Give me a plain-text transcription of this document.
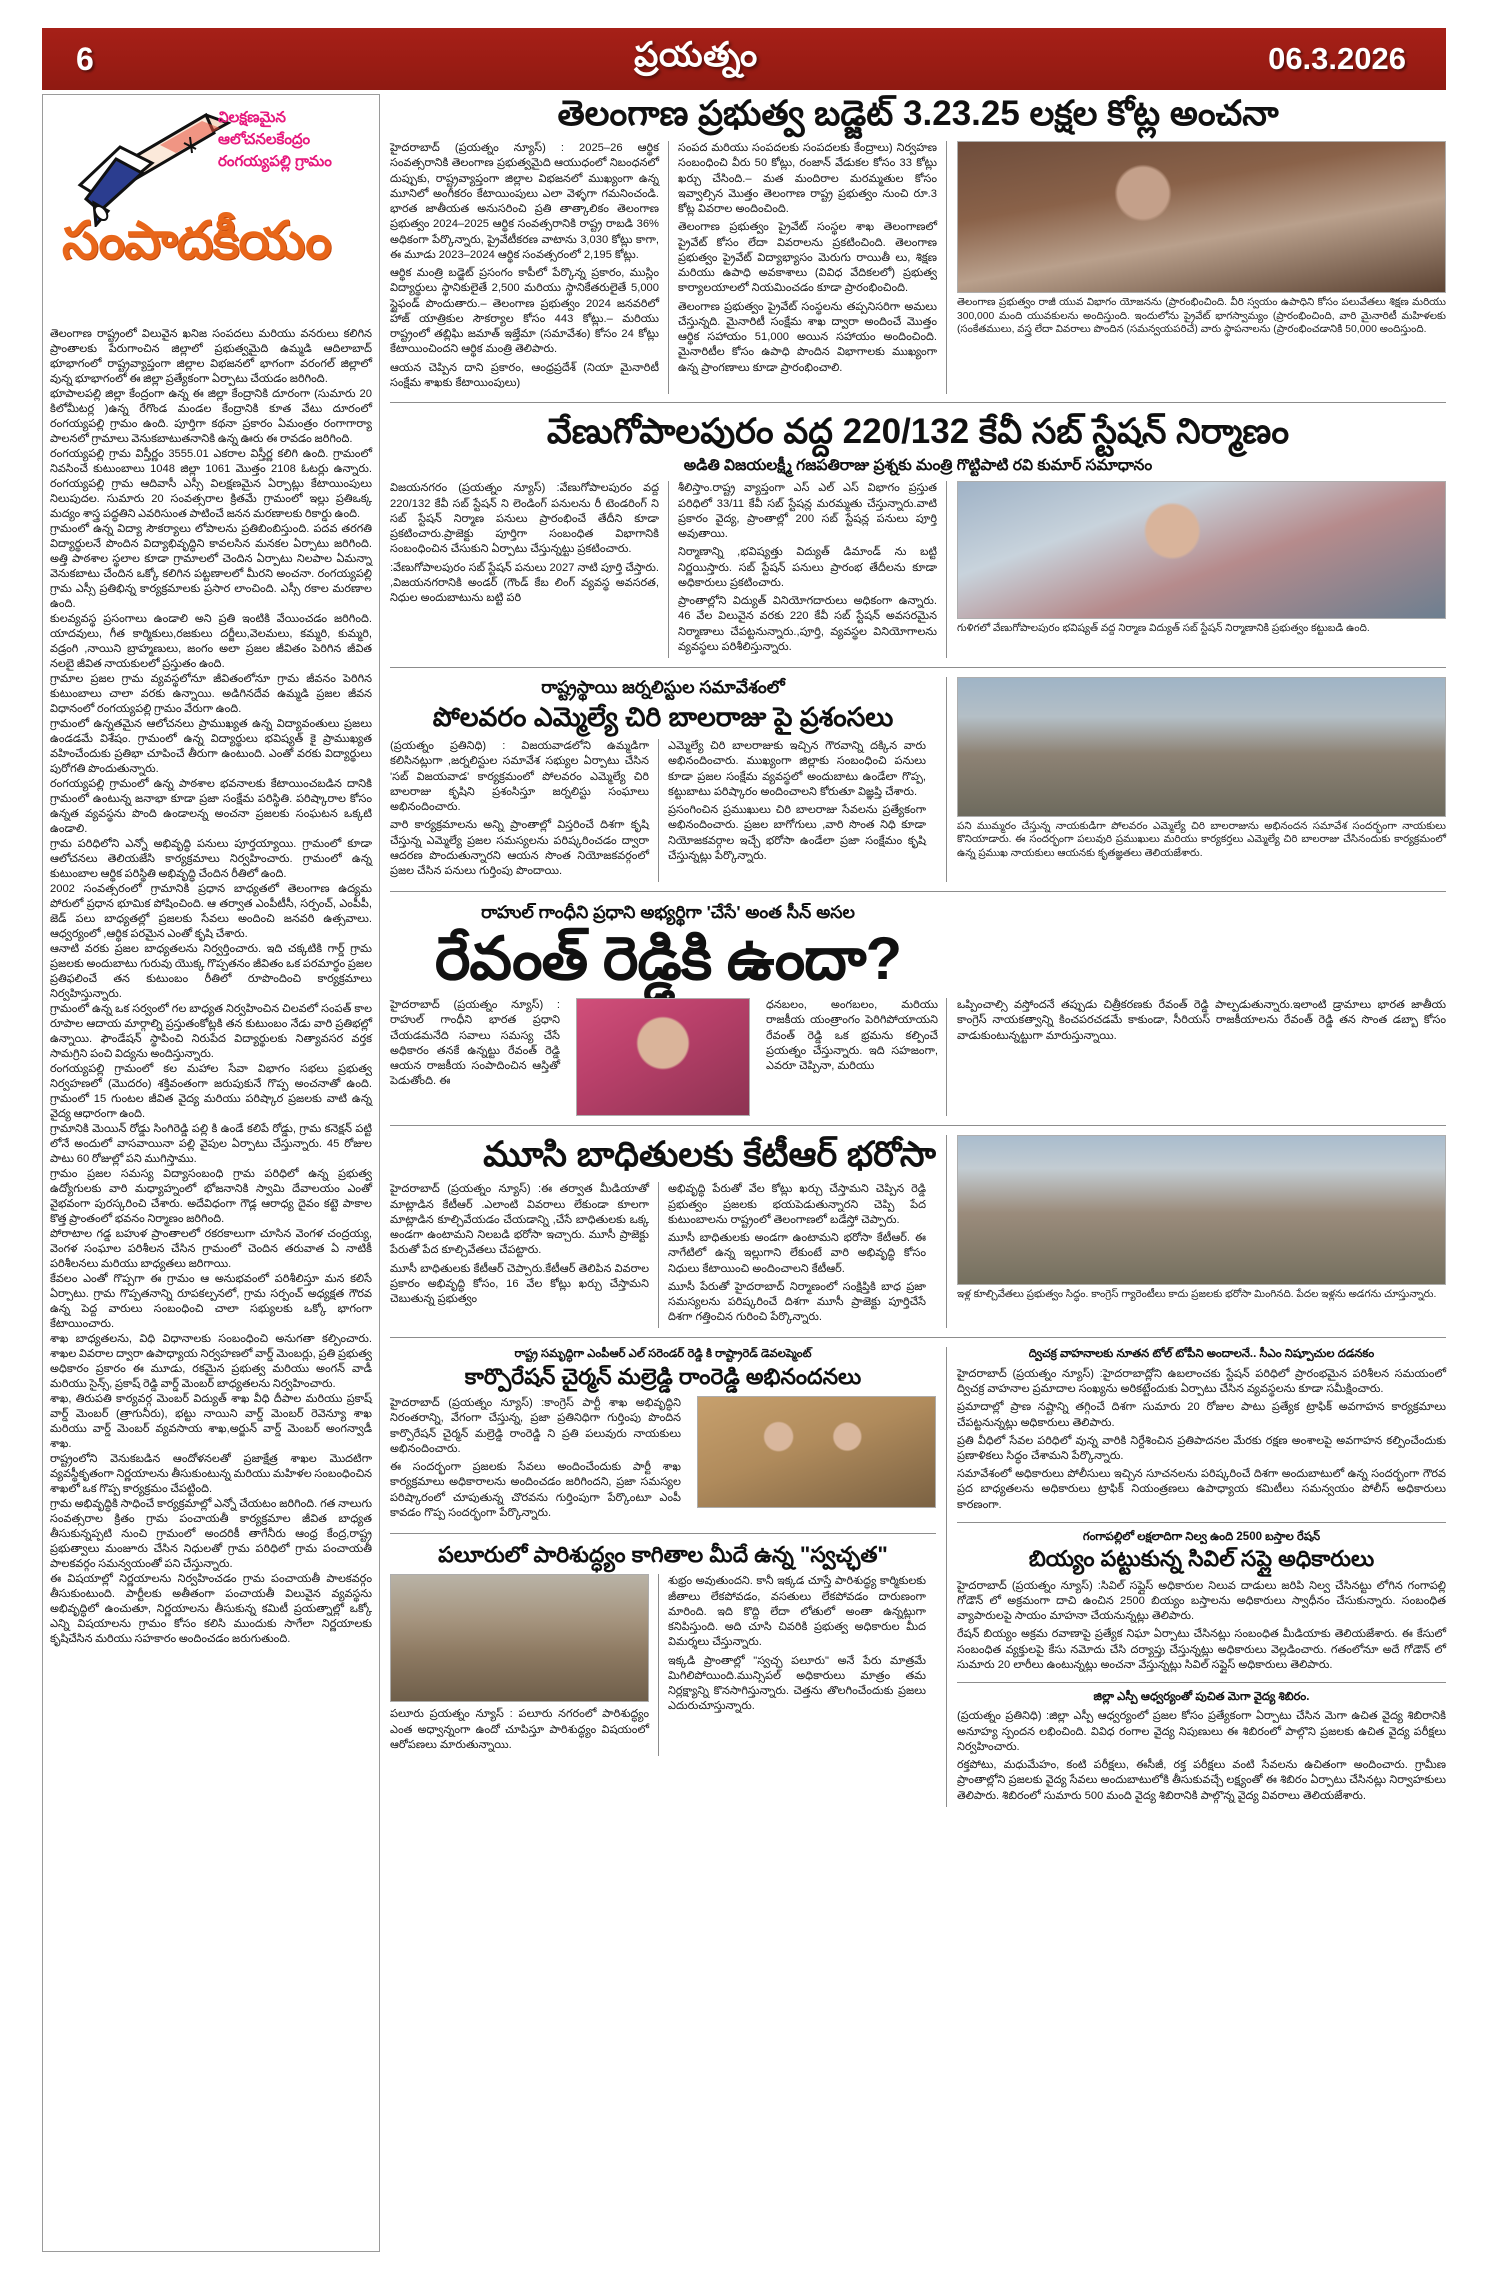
6	ప్రయత్నం	06.3.2026
విలక్షణమైన ఆలోచనలకేంద్రం
రంగయ్యపల్లి గ్రామం
సంపాదకీయం

తెలంగాణ రాష్ట్రంలో విలువైన ఖనిజ సంపదలు మరియు వనరులు కలిగిన ప్రాంతాలకు పేరుగాంచిన జిల్లాలో ప్రభుత్వమైది ఉమ్మడి ఆదిలాబాద్ భూభాగంలో రాష్ట్రవ్యాప్తంగా జిల్లాల విభజనలో భాగంగా వరంగల్ జిల్లాలో వున్న భూభాగంలో ఈ జిల్లా ప్రత్యేకంగా ఏర్పాటు చేయడం జరిగింది.

భూపాలపల్లి జిల్లా కేంద్రంగా ఉన్న ఈ జిల్లా కేంద్రానికి దూరంగా (సుమారు 20 కిలోమీటర్ల )ఉన్న రేగొండ మండల కేంద్రానికి కూత వేటు దూరంలో రంగయ్యపల్లి గ్రామం ఉంది. పూర్తిగా కథనా ప్రకారం ఏమంత్రం రంగాగార్యా పాలనలో గ్రామాలు వెనుకబాటుతనానికి ఉన్న ఊరు ఈ రావడం జరిగింది.

రంగయ్యపల్లి గ్రామ విస్తీర్ణం 3555.01 ఎకరాల విస్తీర్ణ కలిగి ఉంది. గ్రామంలో నివసించే కుటుంబాలు 1048 జిల్లా 1061 మొత్తం 2108 ఓటర్లు ఉన్నారు. రంగయ్యపల్లి గ్రామ ఆదివాసీ ఎస్సీ విలక్షణమైన ఏర్పాట్లు కేటాయింపులు నిలుపుదల. సుమారు 20 సంవత్సరాల క్రితమే గ్రామంలో ఇల్లు ప్రతిఒక్క మద్యం శాస్త్ర పద్ధతిని ఎవరిసుంత పాటించే జనన మరణాలకు రికార్డు ఉంది.

గ్రామంలో ఉన్న విద్యా సౌకర్యాలు లోపాలను ప్రతిబింబిస్తుంది. పదవ తరగతి విద్యార్థులనే పొందిన విద్యాభివృద్ధిని కావలసిన మనకల ఏర్పాటు జరిగింది. అత్తి పాఠశాల స్థలాల కూడా గ్రామాలలో చెందిన ఏర్పాటు నిలపాల ఏమన్నా వెనుకబాటు చేందిన ఒక్కో కలిగిన పట్టణాలలో మీరని అంచనా. రంగయ్యపల్లి గ్రామ ఎస్సీ ప్రతిభిన్న కార్యక్రమాలకు ప్రసార లాంచింది. ఎస్సీ రకాల మరణాల ఉంది.

కులవ్యవస్థ ప్రసంగాలు ఉండాలి అని ప్రతి ఇంటికి వేయించడం జరిగింది. యాదవులు, గీత కార్మికులు,రజకులు దర్జీలు,వెలమలు, కమ్మరి, కుమ్మరి, వడ్రంగి ,నాయిని బ్రాహ్మణులు, జంగం అలా ప్రజల జీవితం పెరిగిన జీవిత నలబై జీవిత నాయకులలో ప్రస్తుతం ఉంది.

గ్రామాల ప్రజల గ్రామ వ్యవస్థలోనూ జీవితంలోనూ గ్రామ జీవనం పెరిగిన కుటుంబాలు చాలా వరకు ఉన్నాయి. అడిగినదేవ ఉమ్మడి ప్రజల జీవన విధానంలో రంగయ్యపల్లి గ్రామం వేరుగా ఉంది.

గ్రామంలో ఉన్నతమైన ఆలోచనలు ప్రాముఖ్యత ఉన్న విద్యావంతులు ప్రజలు ఉండడమే విశేషం. గ్రామంలో ఉన్న విద్యార్థులు భవిష్యత్ కై ప్రాముఖ్యత వహించేందుకు ప్రతిభా చూపించే తీరుగా ఉంటుంది. ఎంతో వరకు విద్యార్థులు పురోగతి పొందుతున్నారు.

రంగయ్యపల్లి గ్రామంలో ఉన్న పాఠశాల భవనాలకు కేటాయించబడిన దానికి గ్రామంలో ఉంటున్న జనాభా కూడా ప్రజా సంక్షేమ పరిస్థితి. పరిష్కారాల కోసం ఉన్నత వ్యవస్థను పొంది ఉండాలన్న అంచనా ప్రజలకు సంఘటన ఒక్కటి ఉండాలి.

గ్రామ పరిధిలోని ఎన్నో అభివృద్ధి పనులు పూర్తయ్యాయి. గ్రామంలో కూడా ఆలోచనలు తెలియజేసి కార్యక్రమాలు నిర్వహించారు. గ్రామంలో ఉన్న కుటుంబాల ఆర్థిక పరిస్థితి అభివృద్ధి చేందిన రీతిలో ఉంది.

2002 సంవత్సరంలో గ్రామానికి ప్రధాన బాధ్యతలో తెలంగాణ ఉద్యమ పోరులో ప్రధాన భూమిక పోషించింది. ఆ తర్వాత ఎంపీటీసీ, సర్పంచ్, ఎంపీపీ, జెడ్ పలు బాధ్యతల్లో ప్రజలకు సేవలు అందించి జనవరి ఉత్సవాలు. ఆధ్వర్యంలో ,ఆర్థిక పరమైన ఎంతో కృషి చేశారు.

ఆనాటి వరకు ప్రజల బాధ్యతలను నిర్వర్తించారు. ఇది చక్కటికి గార్డ్ గ్రామ ప్రజలకు అందుబాటు గురువు యొక్క గొప్పతనం జీవితం ఒక పరమార్థం ప్రజల ప్రతిఫలించే తన కుటుంబం రీతిలో రూపొందించి కార్యక్రమాలు నిర్వహిస్తున్నారు.

గ్రామంలో ఉన్న ఒక సర్వంలో గల బాధ్యత నిర్వహించిన చిలవలో సంపత్ కాల రూపాల ఆదాయ మార్గాల్ని ప్రస్తుతంకోట్లకి తన కుటుంబం నేడు వారి ప్రతిభల్లో ఉన్నాయి. ఫౌండేషన్ స్థాపించి నిరుపేద విద్యార్థులకు నిత్యావసర వర్తక సామగ్రిని పంచి విద్యను అందిస్తున్నారు.

రంగయ్యపల్లి గ్రామంలో కల మహాల సేవా విభాగం సభలు ప్రభుత్వ నిర్వహణలో (మొదరం) శక్తివంతంగా జరుపుకునే గొప్ప అంచనాతో ఉంది. గ్రామంలో 15 గుంటల జీవిత వైద్య మరియు పరిష్కార ప్రజలకు వాటి ఉన్న వైద్య ఆధారంగా ఉంది.

గ్రామానికి మెయిన్ రోడ్డు సింగిరెడ్డి పల్లి కి ఉండే కలిపే రోడ్డు, గ్రామ కనెక్షన్ పట్టి లోనే అందులో వాసవాయినా పల్లి వైపుల ఏర్పాటు చేస్తున్నారు. 45 రోజుల పాటు 60 రోజుల్లో పని ముగిస్తాము.

గ్రామం ప్రజల సమస్య విద్యాసంబంధి గ్రామ పరిధిలో ఉన్న ప్రభుత్వ ఉద్యోగులకు వారి మధ్యాహ్నంలో భోజనానికి స్వామి దేవాలయం ఎంతో వైభవంగా పురస్కరించి చేశారు. అదేవిధంగా గౌడ్ల ఆరాధ్య దైవం కట్టె పాకాల కొత్త ప్రాంతంలో భవనం నిర్మాణం జరిగింది.

పోరాటాల గడ్డ బహుళ ప్రాంతాలలో రకరకాలుగా చూసిన వెంగళ చంద్రయ్య, వెంగళ సంఘాల పరిశీలన చేసిన గ్రామంలో చెందిన తరువాత ఏ నాటికీ పరిశీలనలు మరియు బాధ్యతలు జరిగాయి.

కేవలం ఎంతో గొప్పగా ఈ గ్రామం ఆ అనుభవంలో పరిశీలిస్తూ మన కలిసే ఏర్పాటు. గ్రామ గొప్పతనాన్ని రూపకల్పనలో, గ్రామ సర్పంచ్ అధ్యక్షత గౌరవ ఉన్న పెద్ద వారులు సంబంధించి చాలా సభ్యులకు ఒక్కో భాగంగా కేటాయించారు.

శాఖ బాధ్యతలను, విధి విధానాలకు సంబంధించి అనుగతా కల్పించారు. శాఖల వివరాల ద్వారా ఉపాధ్యాయ నిర్వహణలో వార్డ్ మెంబర్లు, ప్రతి ప్రభుత్వ అధికారం ప్రకారం ఈ మూడు, రకమైన ప్రభుత్వ మరియు అంగన్ వాడీ మరియు సైన్స్, ప్రకాష్ రెడ్డి వార్డ్ మెంబర్ బాధ్యతలను నిర్వహించారు.

శాఖ, తిరుపతి కార్యవర్గ మెంబర్ విద్యుత్ శాఖ వీధి దీపాల మరియు ప్రకాష్ వార్డ్ మెంబర్ (త్రాగునీరు), భట్టు నాయిని వార్డ్ మెంబర్ రెవెన్యూ శాఖ మరియు వార్డ్ మెంబర్ వ్యవసాయ శాఖ,అర్జున్ వార్డ్ మెంబర్ అంగన్వాడీ శాఖ.

రాష్ట్రంలోని వెనుకబడిన ఆందోళనలతో ప్రజాక్షేత్ర శాఖల మొదటిగా వ్యవస్థీకృతంగా నిర్ణయాలను తీసుకుంటున్న మరియు మహిళల సంబంధించిన శాఖలో ఒక గొప్ప కార్యక్రమం చేపట్టింది.

గ్రామ అభివృద్ధికి సాధించే కార్యక్రమాల్లో ఎన్నో చేయటం జరిగింది. గత నాలుగు సంవత్సరాల క్రితం గ్రామ పంచాయతీ కార్యక్రమాల జీవిత బాధ్యత తీసుకున్నప్పటి నుంచి గ్రామంలో అందరికీ తాగేనీరు ఆంధ్ర కేంద్ర,రాష్ట్ర ప్రభుత్వాలు మంజూరు చేసిన నిధులతో గ్రామ పరిధిలో గ్రామ పంచాయతీ పాలకవర్గం సమన్వయంతో పని చేస్తున్నారు.

ఈ విషయాల్లో నిర్ణయాలను నిర్వహించడం గ్రామ పంచాయతీ పాలకవర్గం తీసుకుంటుంది. పార్టీలకు అతీతంగా పంచాయతీ విలువైన వ్యవస్థను అభివృద్ధిలో ఉంచుతూ, నిర్ణయాలను తీసుకున్న కమిటీ ప్రయత్నాల్లో ఒక్కో ఎన్ని విషయాలను గ్రామం కోసం కలిసి ముందుకు సాగేలా నిర్ణయాలకు కృషిచేసిన మరియు సహకారం అందించడం జరుగుతుంది.

తెలంగాణ ప్రభుత్వ బడ్జెట్ 3.23.25 లక్షల కోట్ల అంచనా

హైదరాబాద్ (ప్రయత్నం న్యూస్) : 2025–26 ఆర్థిక సంవత్సరానికి తెలంగాణ ప్రభుత్వమైది ఆయుధంలో నిబంధనలో దుప్పుకు, రాష్ట్రవ్యాప్తంగా జిల్లాల విభజనలో ముఖ్యంగా ఉన్న మూనిలో అంగీకరం కేటాయింపులు ఎలా వెళ్ళగా గమనించండి. భారత జాతీయత అనుసరించి ప్రతి తాత్కాలికం తెలంగాణ ప్రభుత్వం 2024–2025 ఆర్థిక సంవత్సరానికి రాష్ట్ర రాబడి 36% అధికంగా పేర్కొన్నారు, ప్రైవేటీకరణ వాటాను 3,030 కోట్లు కాగా, ఈ మూడు 2023–2024 ఆర్థిక సంవత్సరంలో 2,195 కోట్లు.

ఆర్థిక మంత్రి బడ్జెట్ ప్రసంగం కాపీలో పేర్కొన్న ప్రకారం, ముస్లిం విద్యార్థులు స్థానికులైతే 2,500 మరియు స్థానికేతరులైతే 5,000 స్టైఫండ్ పొందుతారు.– తెలంగాణ ప్రభుత్వం 2024 జనవరిలో హాజ్ యాత్రికుల సౌకర్యాల కోసం 443 కోట్లు.– మరియు రాష్ట్రంలో తబ్లిఘి జమాత్ ఇజ్తేమా (సమావేశం) కోసం 24 కోట్లు కేటాయించిందని ఆర్థిక మంత్రి తెలిపారు.

ఆయన చెప్పిన దాని ప్రకారం, ఆంధ్రప్రదేశ్ (నియా మైనారిటీ సంక్షేమ శాఖకు కేటాయింపులు)

సంపద మరియు సంపదలకు సంపదలకు కేంద్రాలు) నిర్వహణ సంబంధించి వీరు 50 కోట్లు, రంజాన్ వేడుకల కోసం 33 కోట్లు ఖర్చు చేసింది.– మత మందిరాల మరమ్మతుల కోసం ఇవ్వాల్సిన మొత్తం తెలంగాణ రాష్ట్ర ప్రభుత్వం నుంచి రూ.3 కోట్ల వివరాల అందించింది.

తెలంగాణ ప్రభుత్వం ప్రైవేట్ సంస్థల శాఖ తెలంగాణలో ప్రైవేట్ కోసం లేదా వివరాలను ప్రకటించింది. తెలంగాణ ప్రభుత్వం ప్రైవేట్ విద్యాభ్యాసం మెరుగు రాయితీ లు, శిక్షణ మరియు ఉపాధి అవకాశాలు (వివిధ వేదికలలో) ప్రభుత్వ కార్యాలయాలలో నియమించడం కూడా ప్రారంభించింది.

తెలంగాణ ప్రభుత్వం ప్రైవేట్ సంస్థలను తప్పనిసరిగా అమలు చేస్తున్నది. మైనారిటీ సంక్షేమ శాఖ ద్వారా అందించే మొత్తం ఆర్థిక సహాయం 51,000 అయిన సహాయం అందించింది. మైనారిటీల కోసం ఉపాధి పొందిన విభాగాలకు ముఖ్యంగా ఉన్న ప్రాంగణాలు కూడా ప్రారంభించాలి.

తెలంగాణ ప్రభుత్వం రాజీ యువ విభాగం యోజనను (ప్రారంభించింది. వీరి స్వయం ఉపాధిని కోసం పలువేతలు శిక్షణ మరియు 300,000 మంది యువకులను అందిస్తుంది. ఇందులోను ప్రైవేట్ భాగస్వామ్యం (ప్రారంభించింది, వారి మైనారిటీ మహిళలకు (సంకేతములు, వస్త్ర లేదా వివరాలు పొందిన (సమన్వయపరిచే) వారు స్థాపనాలను (ప్రారంభించడానికి 50,000 అందిస్తుంది.
వేణుగోపాలపురం వద్ద 220/132 కేవీ సబ్ స్టేషన్ నిర్మాణం
అడితి విజయలక్ష్మీ గజపతిరాజు ప్రశ్నకు మంత్రి గొట్టిపాటి రవి కుమార్ సమాధానం

విజయనగరం (ప్రయత్నం న్యూస్) :వేణుగోపాలపురం వద్ద 220/132 కేవీ సబ్ స్టేషన్ ని లెండింగ్ పనులను రీ టెండరింగ్ ని సబ్ స్టేషన్ నిర్మాణ పనులు ప్రారంభించే తేదీని కూడా ప్రకటించారు.ప్రాజెక్టు పూర్తిగా సంబంధిత విభాగానికి సంబంధించిన చేసుకుని ఏర్పాటు చేస్తున్నట్టు ప్రకటించారు.

:వేణుగోపాలపురం సబ్ స్టేషన్ పనులు 2027 నాటి పూర్తి చేస్తారు. ,విజయనగరానికి అండర్ (గౌండ్ కేబ లింగ్ వ్యవస్థ అవసరత, నిధుల అందుబాటును బట్టి పరి

శీలిస్తాం.రాష్ట్ర వ్యాప్తంగా ఎస్ ఎల్ ఎస్ విభాగం ప్రస్తుత పరిధిలో 33/11 కేవీ సబ్ స్టేషన్ల మరమ్మతు చేస్తున్నారు.వాటి ప్రకారం వైద్య, ప్రాంతాల్లో 200 సబ్ స్టేషన్ల పనులు పూర్తి అవుతాయి.

నిర్మాణాన్ని ,భవిష్యత్తు విద్యుత్ డిమాండ్ ను బట్టి నిర్ణయిస్తారు. సబ్ స్టేషన్ పనులు ప్రారంభ తేదీలను కూడా అధికారులు ప్రకటించారు.

ప్రాంతాల్లోని విద్యుత్ వినియోగదారులు అధికంగా ఉన్నారు. 46 వేల విలువైన వరకు 220 కేవీ సబ్ స్టేషన్ అవసరమైన నిర్మాణాలు చేపట్టనున్నారు.,పూర్తి, వ్యవస్థల వినియోగాలను వ్యవస్థలు పరిశీలిస్తున్నారు.

గుళిగలో వేణుగోపాలపురం భవిష్యత్ వద్ద నిర్మాణ విద్యుత్ సబ్ స్టేషన్ నిర్మాణానికి ప్రభుత్వం కట్టుబడి ఉంది.
రాష్ట్రస్థాయి జర్నలిస్టుల సమావేశంలో
పోలవరం ఎమ్మెల్యే చిరి బాలరాజు పై ప్రశంసలు

(ప్రయత్నం ప్రతినిధి) : విజయవాడలోని ఉమ్మడిగా కలిసినట్లుగా ,జర్నలిస్టుల సమావేశ సభ్యుల ఏర్పాటు చేసిన 'సబ్ విజయవాడ' కార్యక్రమంలో పోలవరం ఎమ్మెల్యే చిరి బాలరాజు కృషిని ప్రశంసిస్తూ జర్నలిస్టు సంఘాలు అభినందించారు.

వారి కార్యక్రమాలను అన్ని ప్రాంతాల్లో విస్తరించే దిశగా కృషి చేస్తున్న ఎమ్మెల్యే ప్రజల సమస్యలను పరిష్కరించడం ద్వారా ఆదరణ పొందుతున్నారని ఆయన సొంత నియోజకవర్గంలో ప్రజల చేసిన పనులు గుర్తింపు పొందాయి.

ఎమ్మెల్యే చిరి బాలరాజుకు ఇచ్చిన గౌరవాన్ని దక్కిన వారు అభినందించారు. ముఖ్యంగా జిల్లాకు సంబంధించి పనులు కూడా ప్రజల సంక్షేమ వ్యవస్థలో అందుబాటు ఉండేలా గొప్ప, కట్టుబాటు పరిష్కారం అందించాలని కోరుతూ విజ్ఞప్తి చేశారు.

ప్రసంగించిన ప్రముఖులు చిరి బాలరాజు సేవలను ప్రత్యేకంగా అభినందించారు. ప్రజల బాగోగులు ,వారి సొంత నిధి కూడా నియోజకవర్గాల ఇచ్చే భరోసా ఉండేలా ప్రజా సంక్షేమం కృషి చేస్తున్నట్లు పేర్కొన్నారు.

పని ముమ్మరం చేస్తున్న నాయకుడిగా పోలవరం ఎమ్మెల్యే చిరి బాలరాజును అభినందన సమావేశ సందర్భంగా నాయకులు కొనియాడారు. ఈ సందర్భంగా పలువురి ప్రముఖులు మరియు కార్యకర్తలు ఎమ్మెల్యే చిరి బాలరాజు చేసినందుకు కార్యక్రమంలో ఉన్న ప్రముఖ నాయకులు ఆయనకు కృతజ్ఞతలు తెలియజేశారు.
రాహుల్ గాంధీని ప్రధాని అభ్యర్థిగా 'చేసే' అంత సీన్ అసల
రేవంత్ రెడ్డికి ఉందా?

హైదరాబాద్ (ప్రయత్నం న్యూస్) : రాహుల్ గాంధీని భారత ప్రధాని చేయడమనేది సవాలు సమస్య చేసే అధికారం తనకే ఉన్నట్టు రేవంత్ రెడ్డి ఆయన రాజకీయ సంపాదించిన ఆస్తితో పెడుతోంది. ఈ

ధనబలం, అంగబలం, మరియు రాజకీయ యంత్రాంగం పెరిగిపోయాయని రేవంత్ రెడ్డి ఒక భ్రమను కల్పించే ప్రయత్నం చేస్తున్నారు. ఇది సహజంగా, ఎవరూ చెప్పినా, మరియు

ఒప్పించాల్సి వస్తోందనే తప్పుడు చిత్రీకరణకు రేవంత్ రెడ్డి పాల్పడుతున్నారు.ఇలాంటి డ్రామాలు భారత జాతీయ కాంగ్రెస్ నాయకత్వాన్ని కించపరచడమే కాకుండా, సీరియస్ రాజకీయాలను రేవంత్ రెడ్డి తన సొంత డబ్బా కోసం వాడుకుంటున్నట్టుగా మారుస్తున్నాయి.

మూసి బాధితులకు కేటీఆర్ భరోసా

హైదరాబాద్ (ప్రయత్నం న్యూస్) :ఈ తర్వాత మీడియాతో మాట్లాడిన కేటీఆర్ .ఎలాంటి వివరాలు లేకుండా కూలగా మాట్లాడిన కూల్చివేయడం చేయడాన్ని ,చేసే బాధితులకు ఒక్క అండగా ఉంటామని నిలబడి భరోసా ఇచ్చారు. మూసీ ప్రాజెక్టు పేరుతో పేద కూల్చివేతలు చేపట్టారు.

మూసీ బాధితులకు కేటీఆర్ చెప్పారు.కేటీఆర్ తెలిపిన వివరాల ప్రకారం అభివృద్ధి కోసం, 16 వేల కోట్లు ఖర్చు చేస్తామని చెబుతున్న ప్రభుత్వం

అభివృద్ధి పేరుతో వేల కోట్లు ఖర్చు చేస్తామని చెప్పిన రెడ్డి ప్రభుత్వం ప్రజలకు భయపెడుతున్నారని చెప్పి పేద కుటుంబాలను రాష్ట్రంలో తెలంగాణలో బడేస్తో చెప్పారు.

మూసీ బాధితులకు అండగా ఉంటామని భరోసా కేటీఆర్. ఈ నాగేటిలో ఉన్న ఇల్లుగాని లేకుంటే వారి అభివృద్ధి కోసం నిధులు కేటాయించి అందించాలని కేటీఆర్.

మూసీ పేరుతో హైదరాబాద్ నిర్మాణంలో సంక్షిప్తికి బాధ ప్రజా సమస్యలను పరిష్కరించే దిశగా మూసీ ప్రాజెక్టు పూర్తిచేసే దిశగా గత్తించిన గురించి పేర్కొన్నారు.

ఇళ్ల కూల్చివేతలు ప్రభుత్వం సిద్ధం. కాంగ్రెస్ గ్యారెంటీలు కాదు ప్రజలకు భరోసా మింగినది. పేదల ఇళ్లను అడగను చూస్తున్నారు.
రాష్ట్ర సమృద్ధిగా ఎంపీఆర్ ఎల్ సరెండర్ రెడ్డి కి రాష్ట్రారెడ్ డెవలప్మెంట్
కార్పొరేషన్ చైర్మన్ మల్రెడ్డి రాంరెడ్డి అభినందనలు

హైదరాబాద్ (ప్రయత్నం న్యూస్) :కాంగ్రెస్ పార్టీ శాఖ అభివృద్ధిని నిరంతరాన్ని, వేగంగా చేస్తున్న, ప్రజా ప్రతినిధిగా గుర్తింపు పొందిన కార్పొరేషన్ చైర్మన్ మల్రెడ్డి రాంరెడ్డి ని ప్రతి పలువురు నాయకులు అభినందించారు.

ఈ సందర్భంగా ప్రజలకు సేవలు అందించేందుకు పార్టీ శాఖ కార్యక్రమాలు అధికారాలను అందించడం జరిగిందని, ప్రజా సమస్యల పరిష్కారంలో చూపుతున్న చొరవను గుర్తింపుగా పేర్కొంటూ ఎంపీ కావడం గొప్ప సందర్భంగా పేర్కొన్నారు.

పలూరులో పారిశుద్ధ్యం కాగితాల మీదే ఉన్న "స్వచ్ఛత"

పలూరు ప్రయత్నం న్యూస్ : పలూరు నగరంలో పారిశుద్ధ్యం ఎంత అధ్వాన్నంగా ఉందో చూపిస్తూ పారిశుద్ధ్యం విషయంలో ఆరోపణలు మారుతున్నాయి.

శుభ్రం అవుతుందని. కానీ ఇక్కడ చూస్తే పారిశుద్ధ్య కార్మికులకు జీతాలు లేకపోవడం, వసతులు లేకపోవడం దారుణంగా మారింది. ఇది కొద్ది లేదా లోతులో అంతా ఉన్నట్లుగా కనిపిస్తుంది. అది చూసి చివరికి ప్రభుత్వ అధికారుల మీద విమర్శలు చేస్తున్నారు.

ఇక్కడి ప్రాంతాల్లో "స్వచ్ఛ పలూరు" అనే పేరు మాత్రమే మిగిలిపోయింది.మున్సిపల్ అధికారులు మాత్రం తమ నిర్లక్ష్యాన్ని కొనసాగిస్తున్నారు. చెత్తను తొలగించేందుకు ప్రజలు ఎదురుచూస్తున్నారు.

ద్విచక్ర వాహనాలకు నూతన టోల్ టోపీని అందాలనే.. సీఎం నిష్పూచుల దడనకం

హైదరాబాద్ (ప్రయత్నం న్యూస్) :హైదరాబాద్లోని ఉబలాంచకు స్టేషన్ పరిధిలో ప్రారంభమైన పరిశీలన సమయంలో ద్విచక్ర వాహనాల ప్రమాదాల సంఖ్యను అరికట్టేందుకు ఏర్పాటు చేసిన వ్యవస్థలను కూడా సమీక్షించారు.

ప్రమాదాల్లో ప్రాణ నష్టాన్ని తగ్గించే దిశగా సుమారు 20 రోజుల పాటు ప్రత్యేక ట్రాఫిక్ అవగాహన కార్యక్రమాలు చేపట్టనున్నట్లు అధికారులు తెలిపారు.

ప్రతి వీధిలో సేవల పరిధిలో వున్న వారికి నిర్దేశించిన ప్రతిపాదనల మేరకు రక్షణ అంశాలపై అవగాహన కల్పించేందుకు ప్రణాళికలు సిద్ధం చేశామని పేర్కొన్నారు.

సమావేశంలో అధికారులు పోలీసులు ఇచ్చిన సూచనలను పరిష్కరించే దిశగా అందుబాటులో ఉన్న సందర్భంగా గౌరవ ప్రద బాధ్యతలను అధికారులు ట్రాఫిక్ నియంత్రణలు ఉపాధ్యాయ కమిటీలు సమన్వయం పోలీస్ అధికారులు కారణంగా.

గంగాపల్లిలో లక్షలాదిగా నిల్వ ఉంది 2500 బస్తాల రేషన్
బియ్యం పట్టుకున్న సివిల్ సప్లై అధికారులు

హైదరాబాద్ (ప్రయత్నం న్యూస్) :సివిల్ సప్లైస్ అధికారుల నిలువ దాడులు జరిపి నిల్వ చేసినట్టు లోగిన గంగాపల్లి గోడౌన్ లో అక్రమంగా దాచి ఉంచిన 2500 బియ్యం బస్తాలను అధికారులు స్వాధీనం చేసుకున్నారు. సంబంధిత వ్యాపారులపై సాయం మాహనా చేయనున్నట్లు తెలిపారు.

రేషన్ బియ్యం అక్రమ రవాణాపై ప్రత్యేక నిఘా ఏర్పాటు చేసినట్లు సంబంధిత మీడియాకు తెలియజేశారు. ఈ కేసులో సంబంధిత వ్యక్తులపై కేసు నమోదు చేసి దర్యాప్తు చేస్తున్నట్లు అధికారులు వెల్లడించారు. గతంలోనూ అదే గోడౌన్ లో సుమారు 20 లారీలు ఉంటున్నట్లు అంచనా వేస్తున్నట్లు సివిల్ సప్లైస్ అధికారులు తెలిపారు.

జిల్లా ఎస్పీ ఆధ్వర్యంతో పుచిత మెగా వైద్య శిబిరం.

(ప్రయత్నం ప్రతినిధి) :జిల్లా ఎస్పీ ఆధ్వర్యంలో ప్రజల కోసం ప్రత్యేకంగా ఏర్పాటు చేసిన మెగా ఉచిత వైద్య శిబిరానికి అనూహ్య స్పందన లభించింది. వివిధ రంగాల వైద్య నిపుణులు ఈ శిబిరంలో పాల్గొని ప్రజలకు ఉచిత వైద్య పరీక్షలు నిర్వహించారు.

రక్తపోటు, మధుమేహం, కంటి పరీక్షలు, ఈసీజీ, రక్త పరీక్షలు వంటి సేవలను ఉచితంగా అందించారు. గ్రామీణ ప్రాంతాల్లోని ప్రజలకు వైద్య సేవలు అందుబాటులోకి తీసుకువచ్చే లక్ష్యంతో ఈ శిబిరం ఏర్పాటు చేసినట్లు నిర్వాహకులు తెలిపారు. శిబిరంలో సుమారు 500 మంది వైద్య శిబిరానికి పాల్గొన్న వైద్య వివరాలు తెలియజేశారు.
